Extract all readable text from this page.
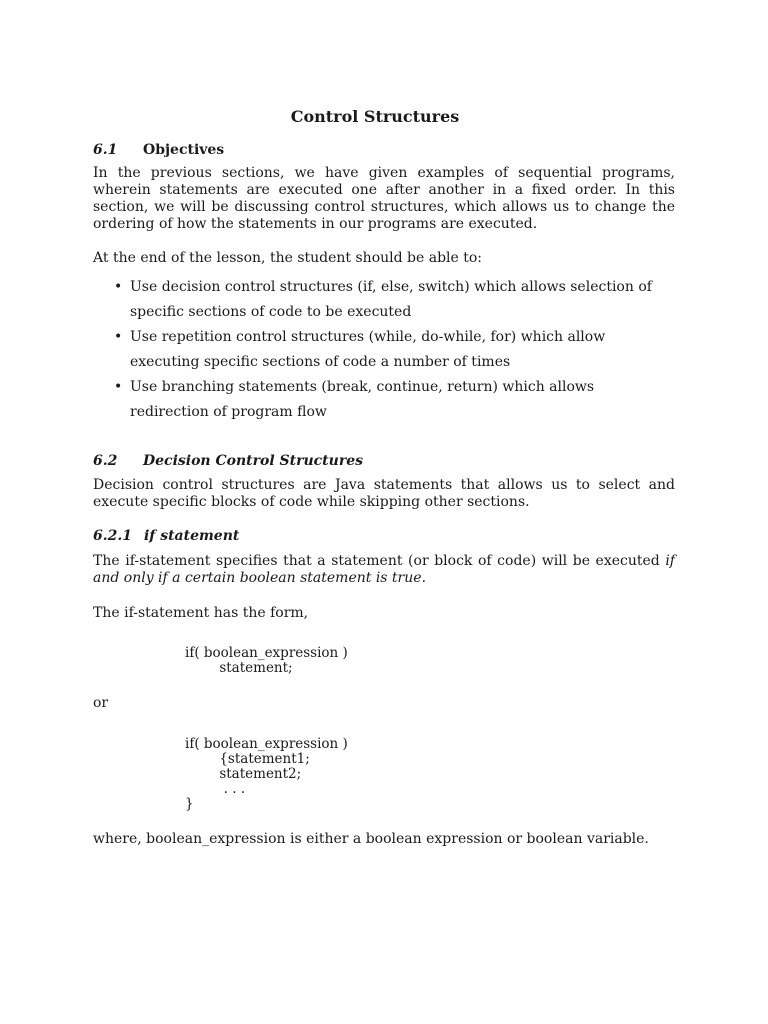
Control Structures
6.1 Objectives
In the previous sections, we have given examples of sequential programs, wherein statements are executed one after another in a fixed order. In this section, we will be discussing control structures, which allows us to change the ordering of how the statements in our programs are executed.
At the end of the lesson, the student should be able to:
• Use decision control structures (if, else, switch) which allows selection of specific sections of code to be executed
• Use repetition control structures (while, do-while, for) which allow executing specific sections of code a number of times
• Use branching statements (break, continue, return) which allows redirection of program flow
6.2 Decision Control Structures
Decision control structures are Java statements that allows us to select and execute specific blocks of code while skipping other sections.
6.2.1 if statement
The if-statement specifies that a statement (or block of code) will be executed if and only if a certain boolean statement is true.
The if-statement has the form,
if( boolean_expression )
statement;
or
if( boolean_expression )
{statement1;
statement2;
. . .
}
where, boolean_expression is either a boolean expression or boolean variable.
